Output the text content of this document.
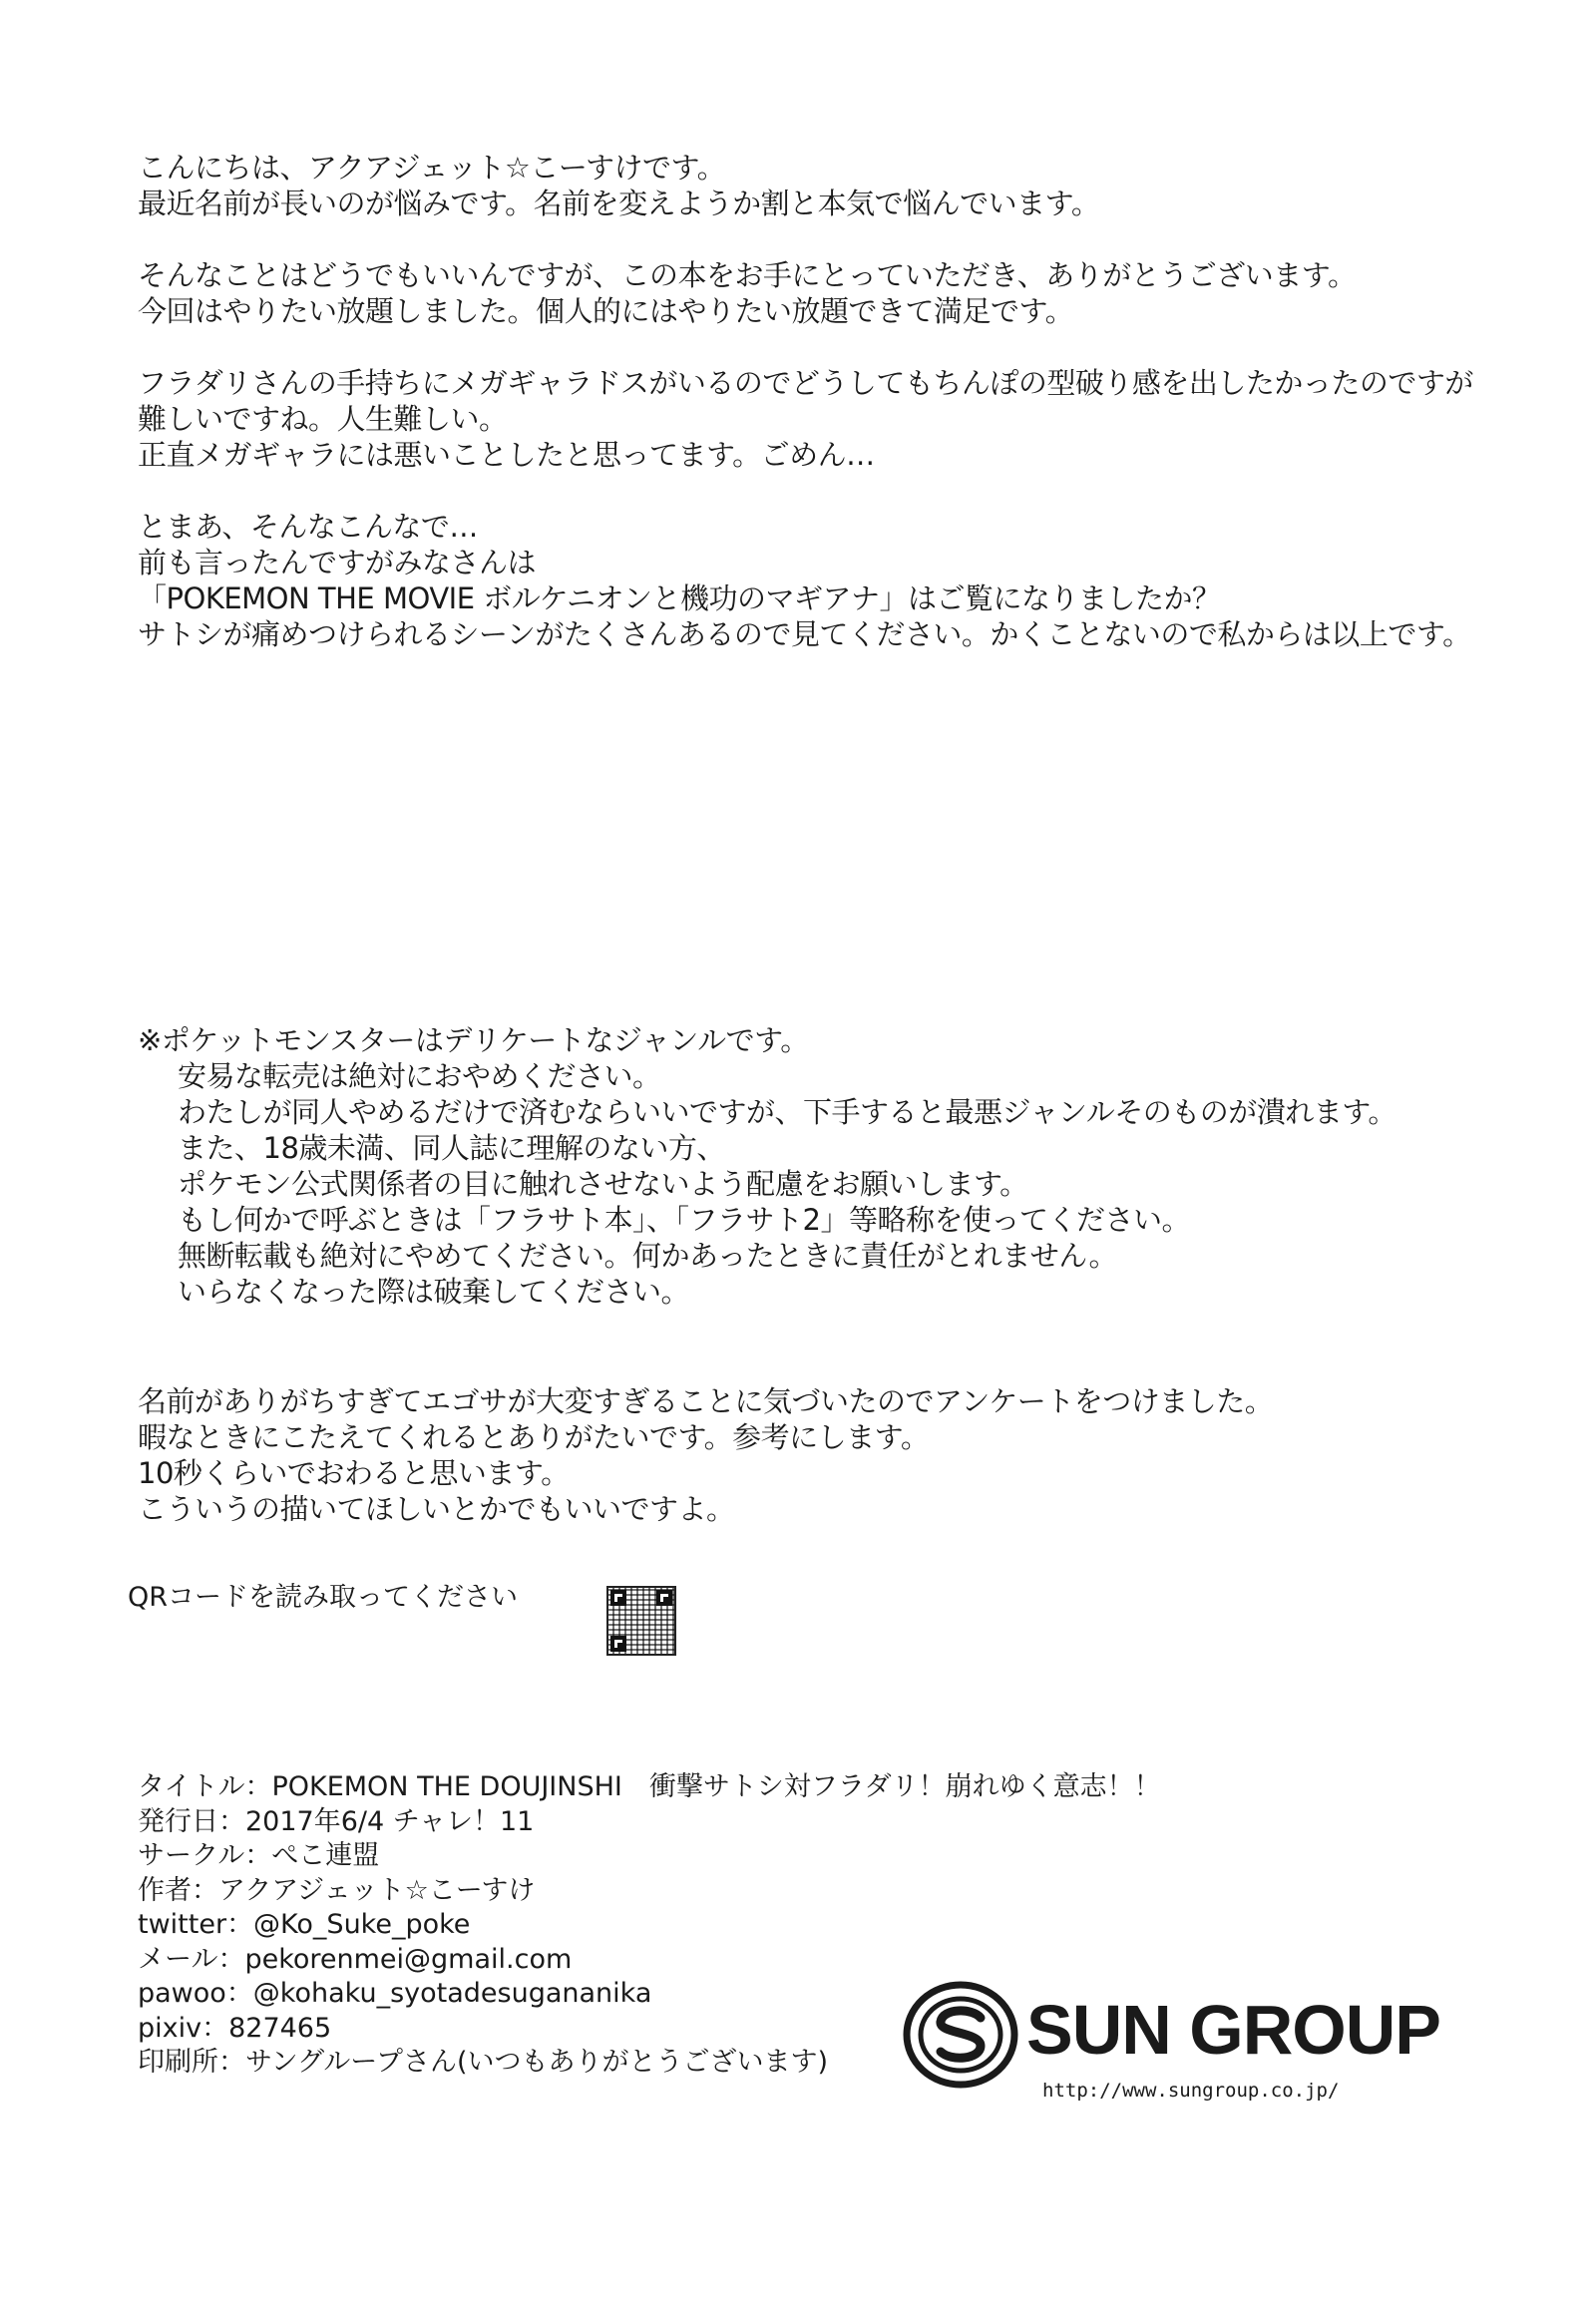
こんにちは、アクアジェット☆こーすけです。
最近名前が長いのが悩みです。名前を変えようか割と本気で悩んでいます。
そんなことはどうでもいいんですが、この本をお手にとっていただき、ありがとうございます。
今回はやりたい放題しました。個人的にはやりたい放題できて満足です。
フラダリさんの手持ちにメガギャラドスがいるのでどうしてもちんぽの型破り感を出したかったのですが
難しいですね。人生難しい。
正直メガギャラには悪いことしたと思ってます。ごめん…
とまあ、そんなこんなで…
前も言ったんですがみなさんは
「POKEMON THE MOVIE ボルケニオンと機功のマギアナ」はご覧になりましたか？
サトシが痛めつけられるシーンがたくさんあるので見てください。かくことないので私からは以上です。
※ポケットモンスターはデリケートなジャンルです。
安易な転売は絶対におやめください。
わたしが同人やめるだけで済むならいいですが、下手すると最悪ジャンルそのものが潰れます。
また、18歳未満、同人誌に理解のない方、
ポケモン公式関係者の目に触れさせないよう配慮をお願いします。
もし何かで呼ぶときは「フラサト本」、「フラサト2」等略称を使ってください。
無断転載も絶対にやめてください。何かあったときに責任がとれません。
いらなくなった際は破棄してください。
名前がありがちすぎてエゴサが大変すぎることに気づいたのでアンケートをつけました。
暇なときにこたえてくれるとありがたいです。参考にします。
10秒くらいでおわると思います。
こういうの描いてほしいとかでもいいですよ。
QRコードを読み取ってください
タイトル：POKEMON THE DOUJINSHI　衝撃サトシ対フラダリ！崩れゆく意志！！
発行日：2017年6/4 チャレ！11
サークル：ぺこ連盟
作者：アクアジェット☆こーすけ
twitter：@Ko_Suke_poke
メール：pekorenmei@gmail.com
pawoo：@kohaku_syotadesugananika
pixiv：827465
印刷所：サングループさん(いつもありがとうございます)	SUN GROUP
http://www.sungroup.co.jp/
